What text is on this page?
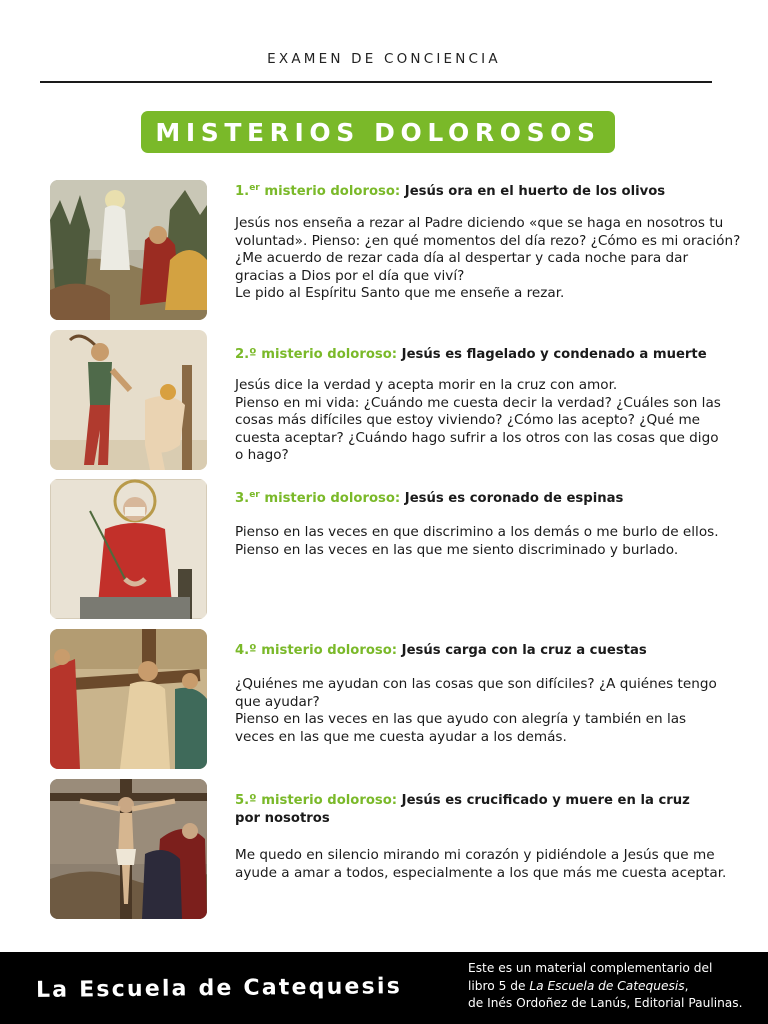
EXAMEN DE CONCIENCIA
MISTERIOS DOLOROSOS
1.$^{er}$ misterio doloroso: Jesús ora en el huerto de los olivos

Jesús nos enseña a rezar al Padre diciendo «que se haga en nosotros tu

voluntad». Pienso: ¿en qué momentos del día rezo? ¿Cómo es mi oración?

¿Me acuerdo de rezar cada día al despertar y cada noche para dar

gracias a Dios por el día que viví?

Le pido al Espíritu Santo que me enseñe a rezar.

2.º misterio doloroso: Jesús es flagelado y condenado a muerte

Jesús dice la verdad y acepta morir en la cruz con amor.

Pienso en mi vida: ¿Cuándo me cuesta decir la verdad? ¿Cuáles son las

cosas más difíciles que estoy viviendo? ¿Cómo las acepto? ¿Qué me

cuesta aceptar? ¿Cuándo hago sufrir a los otros con las cosas que digo

o hago?

3.$^{er}$ misterio doloroso: Jesús es coronado de espinas

Pienso en las veces en que discrimino a los demás o me burlo de ellos.

Pienso en las veces en las que me siento discriminado y burlado.

4.º misterio doloroso: Jesús carga con la cruz a cuestas

¿Quiénes me ayudan con las cosas que son difíciles? ¿A quiénes tengo

que ayudar?

Pienso en las veces en las que ayudo con alegría y también en las

veces en las que me cuesta ayudar a los demás.

5.º misterio doloroso: Jesús es crucificado y muere en la cruz
por nosotros

Me quedo en silencio mirando mi corazón y pidiéndole a Jesús que me

ayude a amar a todos, especialmente a los que más me cuesta aceptar.

La Escuela de Catequesis
Este es un material complementario del
libro 5 de La Escuela de Catequesis,
de Inés Ordoñez de Lanús, Editorial Paulinas.
